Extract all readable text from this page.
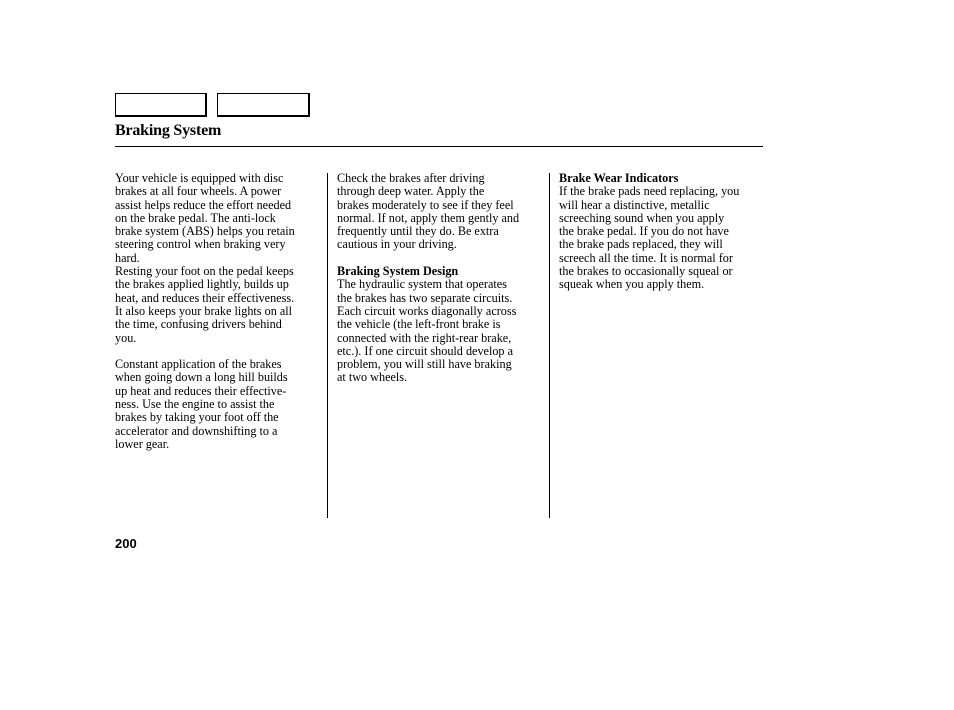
Braking System

Your vehicle is equipped with disc
brakes at all four wheels. A power
assist helps reduce the effort needed
on the brake pedal. The anti-lock
brake system (ABS) helps you retain
steering control when braking very
hard.

Resting your foot on the pedal keeps
the brakes applied lightly, builds up
heat, and reduces their effectiveness.
It also keeps your brake lights on all
the time, confusing drivers behind
you.

Constant application of the brakes
when going down a long hill builds
up heat and reduces their effective-
ness. Use the engine to assist the
brakes by taking your foot off the
accelerator and downshifting to a
lower gear.

Check the brakes after driving
through deep water. Apply the
brakes moderately to see if they feel
normal. If not, apply them gently and
frequently until they do. Be extra
cautious in your driving.

Braking System Design

The hydraulic system that operates
the brakes has two separate circuits.
Each circuit works diagonally across
the vehicle (the left-front brake is
connected with the right-rear brake,
etc.). If one circuit should develop a
problem, you will still have braking
at two wheels.

Brake Wear Indicators

If the brake pads need replacing, you
will hear a distinctive, metallic
screeching sound when you apply
the brake pedal. If you do not have
the brake pads replaced, they will
screech all the time. It is normal for
the brakes to occasionally squeal or
squeak when you apply them.

200
